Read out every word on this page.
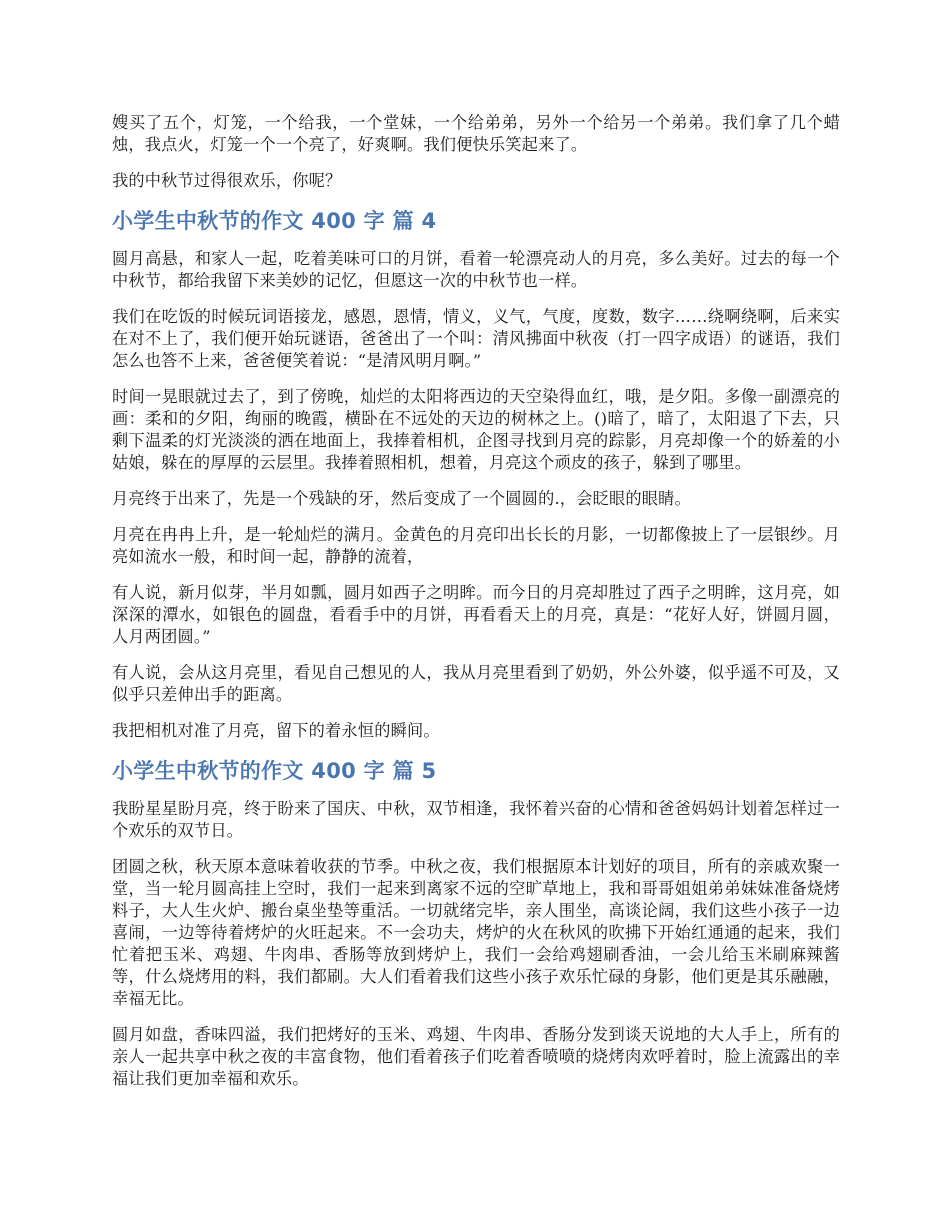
嫂买了五个，灯笼，一个给我，一个堂妹，一个给弟弟，另外一个给另一个弟弟。我们拿了几个蜡烛，我点火，灯笼一个一个亮了，好爽啊。我们便快乐笑起来了。

我的中秋节过得很欢乐，你呢？

小学生中秋节的作文 400 字 篇 4

圆月高悬，和家人一起，吃着美味可口的月饼，看着一轮漂亮动人的月亮，多么美好。过去的每一个中秋节，都给我留下来美妙的记忆，但愿这一次的中秋节也一样。

我们在吃饭的时候玩词语接龙，感恩，恩情，情义，义气，气度，度数，数字……绕啊绕啊，后来实在对不上了，我们便开始玩谜语，爸爸出了一个叫：清风拂面中秋夜（打一四字成语）的谜语，我们怎么也答不上来，爸爸便笑着说：“是清风明月啊。”

时间一晃眼就过去了，到了傍晚，灿烂的太阳将西边的天空染得血红，哦，是夕阳。多像一副漂亮的画：柔和的夕阳，绚丽的晚霞，横卧在不远处的天边的树林之上。()暗了，暗了，太阳退了下去，只剩下温柔的灯光淡淡的洒在地面上，我捧着相机，企图寻找到月亮的踪影，月亮却像一个的娇羞的小姑娘，躲在的厚厚的云层里。我捧着照相机，想着，月亮这个顽皮的孩子，躲到了哪里。

月亮终于出来了，先是一个残缺的牙，然后变成了一个圆圆的.，会眨眼的眼睛。

月亮在冉冉上升，是一轮灿烂的满月。金黄色的月亮印出长长的月影，一切都像披上了一层银纱。月亮如流水一般，和时间一起，静静的流着，

有人说，新月似芽，半月如瓢，圆月如西子之明眸。而今日的月亮却胜过了西子之明眸，这月亮，如深深的潭水，如银色的圆盘，看看手中的月饼，再看看天上的月亮，真是：“花好人好，饼圆月圆，人月两团圆。”

有人说，会从这月亮里，看见自己想见的人，我从月亮里看到了奶奶，外公外婆，似乎遥不可及，又似乎只差伸出手的距离。

我把相机对准了月亮，留下的着永恒的瞬间。

小学生中秋节的作文 400 字 篇 5

我盼星星盼月亮，终于盼来了国庆、中秋，双节相逢，我怀着兴奋的心情和爸爸妈妈计划着怎样过一个欢乐的双节日。

团圆之秋，秋天原本意味着收获的节季。中秋之夜，我们根据原本计划好的项目，所有的亲戚欢聚一堂，当一轮月圆高挂上空时，我们一起来到离家不远的空旷草地上，我和哥哥姐姐弟弟妹妹准备烧烤料子，大人生火炉、搬台桌坐垫等重活。一切就绪完毕，亲人围坐，高谈论阔，我们这些小孩子一边喜闹，一边等待着烤炉的火旺起来。不一会功夫，烤炉的火在秋风的吹拂下开始红通通的起来，我们忙着把玉米、鸡翅、牛肉串、香肠等放到烤炉上，我们一会给鸡翅刷香油，一会儿给玉米刷麻辣酱等，什么烧烤用的料，我们都刷。大人们看着我们这些小孩子欢乐忙碌的身影，他们更是其乐融融，幸福无比。

圆月如盘，香味四溢，我们把烤好的玉米、鸡翅、牛肉串、香肠分发到谈天说地的大人手上，所有的亲人一起共享中秋之夜的丰富食物，他们看着孩子们吃着香喷喷的烧烤肉欢呼着时，脸上流露出的幸福让我们更加幸福和欢乐。
